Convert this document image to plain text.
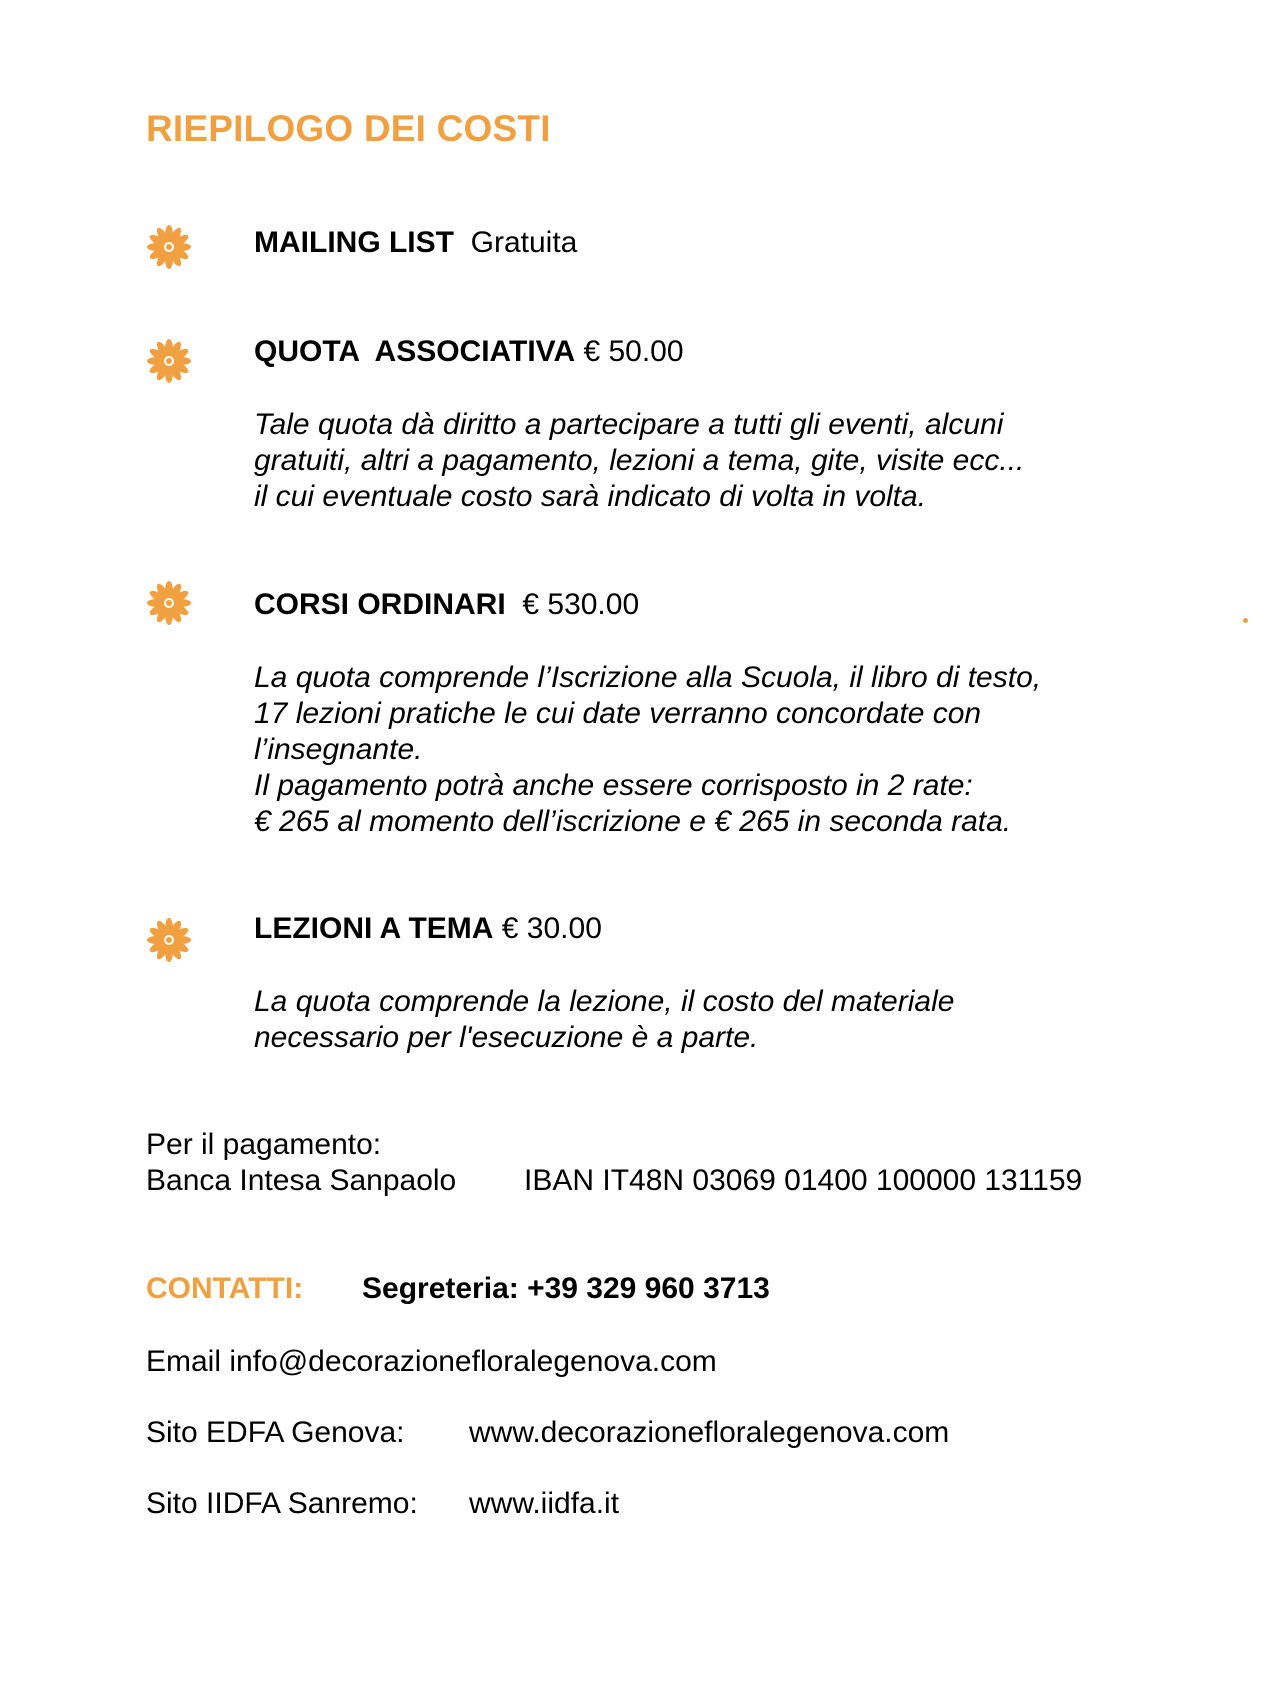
RIEPILOGO DEI COSTI
MAILING LIST Gratuita
QUOTA  ASSOCIATIVA € 50.00
Tale quota dà diritto a partecipare a tutti gli eventi, alcuni
gratuiti, altri a pagamento, lezioni a tema, gite, visite ecc...
il cui eventuale costo sarà indicato di volta in volta.
CORSI ORDINARI € 530.00
La quota comprende l’Iscrizione alla Scuola, il libro di testo,
17 lezioni pratiche le cui date verranno concordate con
l’insegnante.
Il pagamento potrà anche essere corrisposto in 2 rate:
€ 265 al momento dell’iscrizione e € 265 in seconda rata.
LEZIONI A TEMA € 30.00
La quota comprende la lezione, il costo del materiale
necessario per l'esecuzione è a parte.
Per il pagamento:
Banca Intesa Sanpaolo IBAN IT48N 03069 01400 100000 131159
CONTATTI: Segreteria: +39 329 960 3713
Email info@decorazionefloralegenova.com
Sito EDFA Genova: www.decorazionefloralegenova.com
Sito IIDFA Sanremo: www.iidfa.it
